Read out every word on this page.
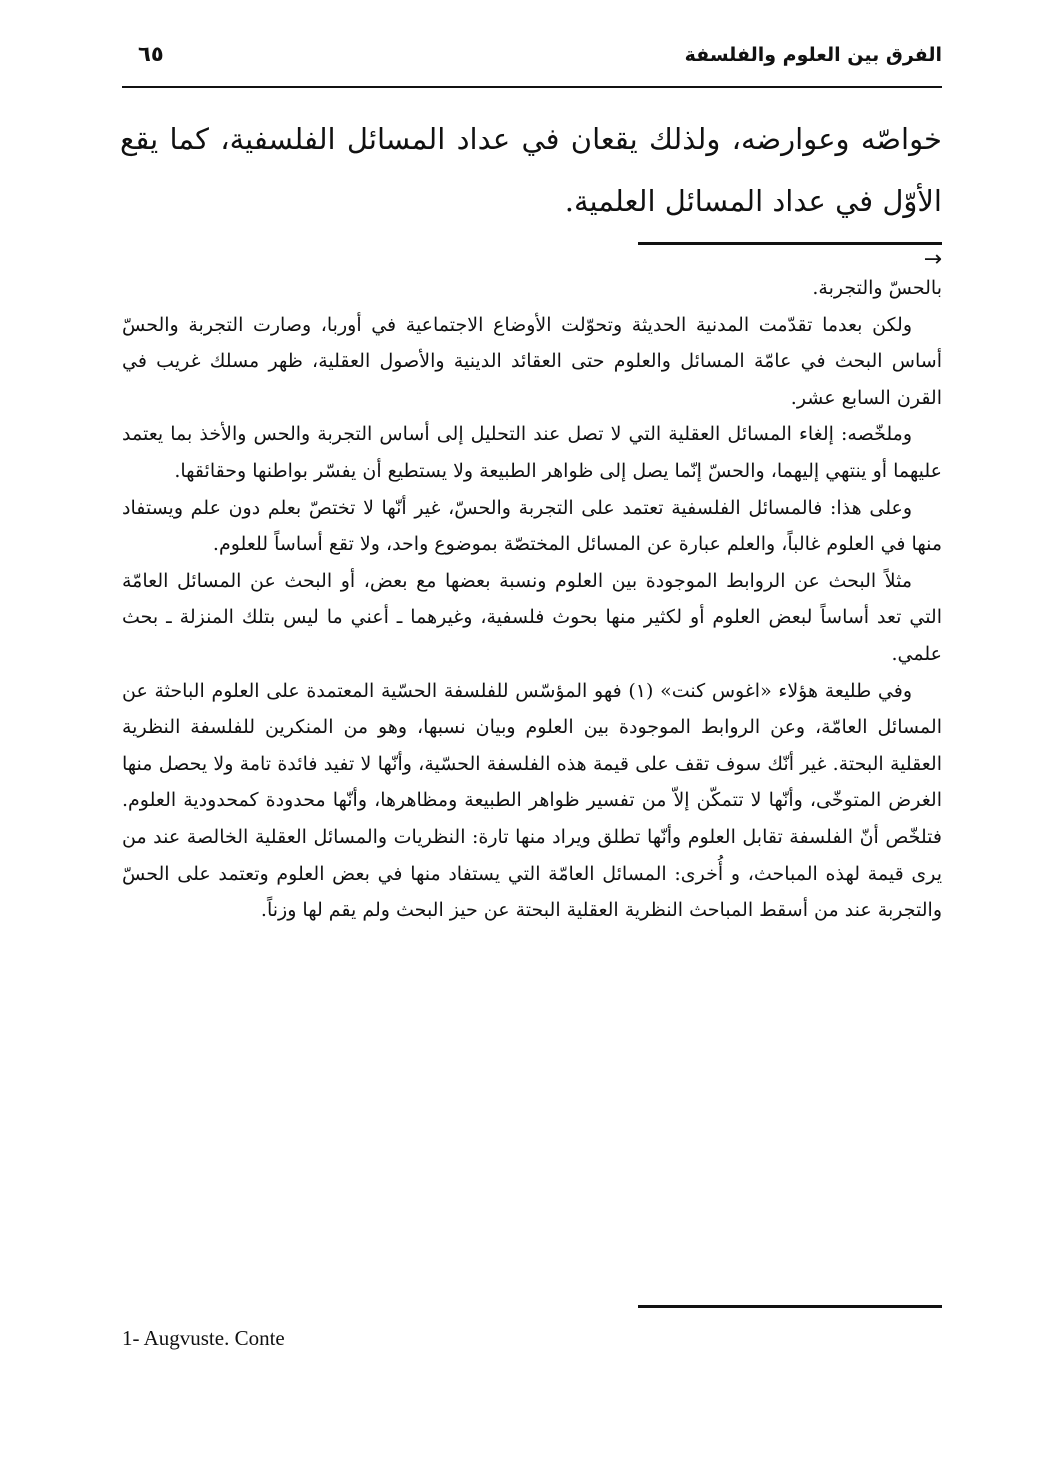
الفرق بين العلوم والفلسفة
٦٥

خواصّه وعوارضه، ولذلك يقعان في عداد المسائل الفلسفية، كما يقع الأوّل في عداد المسائل العلمية.

→

بالحسّ والتجربة.

ولكن بعدما تقدّمت المدنية الحديثة وتحوّلت الأوضاع الاجتماعية في أوربا، وصارت التجربة والحسّ أساس البحث في عامّة المسائل والعلوم حتى العقائد الدينية والأصول العقلية، ظهر مسلك غريب في القرن السابع عشر.

وملخّصه: إلغاء المسائل العقلية التي لا تصل عند التحليل إلى أساس التجربة والحس والأخذ بما يعتمد عليهما أو ينتهي إليهما، والحسّ إنّما يصل إلى ظواهر الطبيعة ولا يستطيع أن يفسّر بواطنها وحقائقها.

وعلى هذا: فالمسائل الفلسفية تعتمد على التجربة والحسّ، غير أنّها لا تختصّ بعلم دون علم ويستفاد منها في العلوم غالباً، والعلم عبارة عن المسائل المختصّة بموضوع واحد، ولا تقع أساساً للعلوم.

مثلاً البحث عن الروابط الموجودة بين العلوم ونسبة بعضها مع بعض، أو البحث عن المسائل العامّة التي تعد أساساً لبعض العلوم أو لكثير منها بحوث فلسفية، وغيرهما ـ أعني ما ليس بتلك المنزلة ـ بحث علمي.

وفي طليعة هؤلاء «اغوس كنت» (١) فهو المؤسّس للفلسفة الحسّية المعتمدة على العلوم الباحثة عن المسائل العامّة، وعن الروابط الموجودة بين العلوم وبيان نسبها، وهو من المنكرين للفلسفة النظرية العقلية البحتة. غير أنّك سوف تقف على قيمة هذه الفلسفة الحسّية، وأنّها لا تفيد فائدة تامة ولا يحصل منها الغرض المتوخّى، وأنّها لا تتمكّن إلاّ من تفسير ظواهر الطبيعة ومظاهرها، وأنّها محدودة كمحدودية العلوم. فتلخّص أنّ الفلسفة تقابل العلوم وأنّها تطلق ويراد منها تارة: النظريات والمسائل العقلية الخالصة عند من يرى قيمة لهذه المباحث، و أُخرى: المسائل العامّة التي يستفاد منها في بعض العلوم وتعتمد على الحسّ والتجربة عند من أسقط المباحث النظرية العقلية البحتة عن حيز البحث ولم يقم لها وزناً.

1- Augvuste. Conte
